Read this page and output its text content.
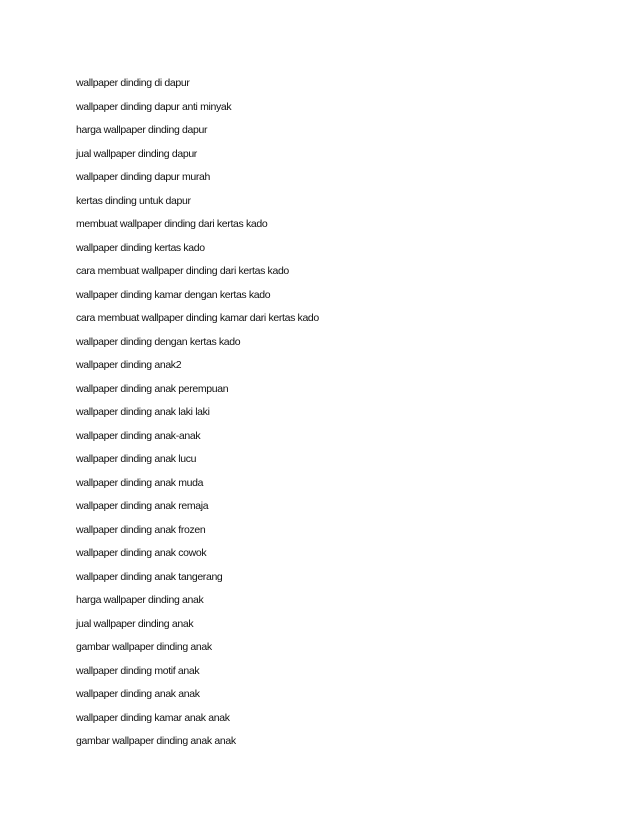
wallpaper dinding di dapur
wallpaper dinding dapur anti minyak
harga wallpaper dinding dapur
jual wallpaper dinding dapur
wallpaper dinding dapur murah
kertas dinding untuk dapur
membuat wallpaper dinding dari kertas kado
wallpaper dinding kertas kado
cara membuat wallpaper dinding dari kertas kado
wallpaper dinding kamar dengan kertas kado
cara membuat wallpaper dinding kamar dari kertas kado
wallpaper dinding dengan kertas kado
wallpaper dinding anak2
wallpaper dinding anak perempuan
wallpaper dinding anak laki laki
wallpaper dinding anak-anak
wallpaper dinding anak lucu
wallpaper dinding anak muda
wallpaper dinding anak remaja
wallpaper dinding anak frozen
wallpaper dinding anak cowok
wallpaper dinding anak tangerang
harga wallpaper dinding anak
jual wallpaper dinding anak
gambar wallpaper dinding anak
wallpaper dinding motif anak
wallpaper dinding anak anak
wallpaper dinding kamar anak anak
gambar wallpaper dinding anak anak
